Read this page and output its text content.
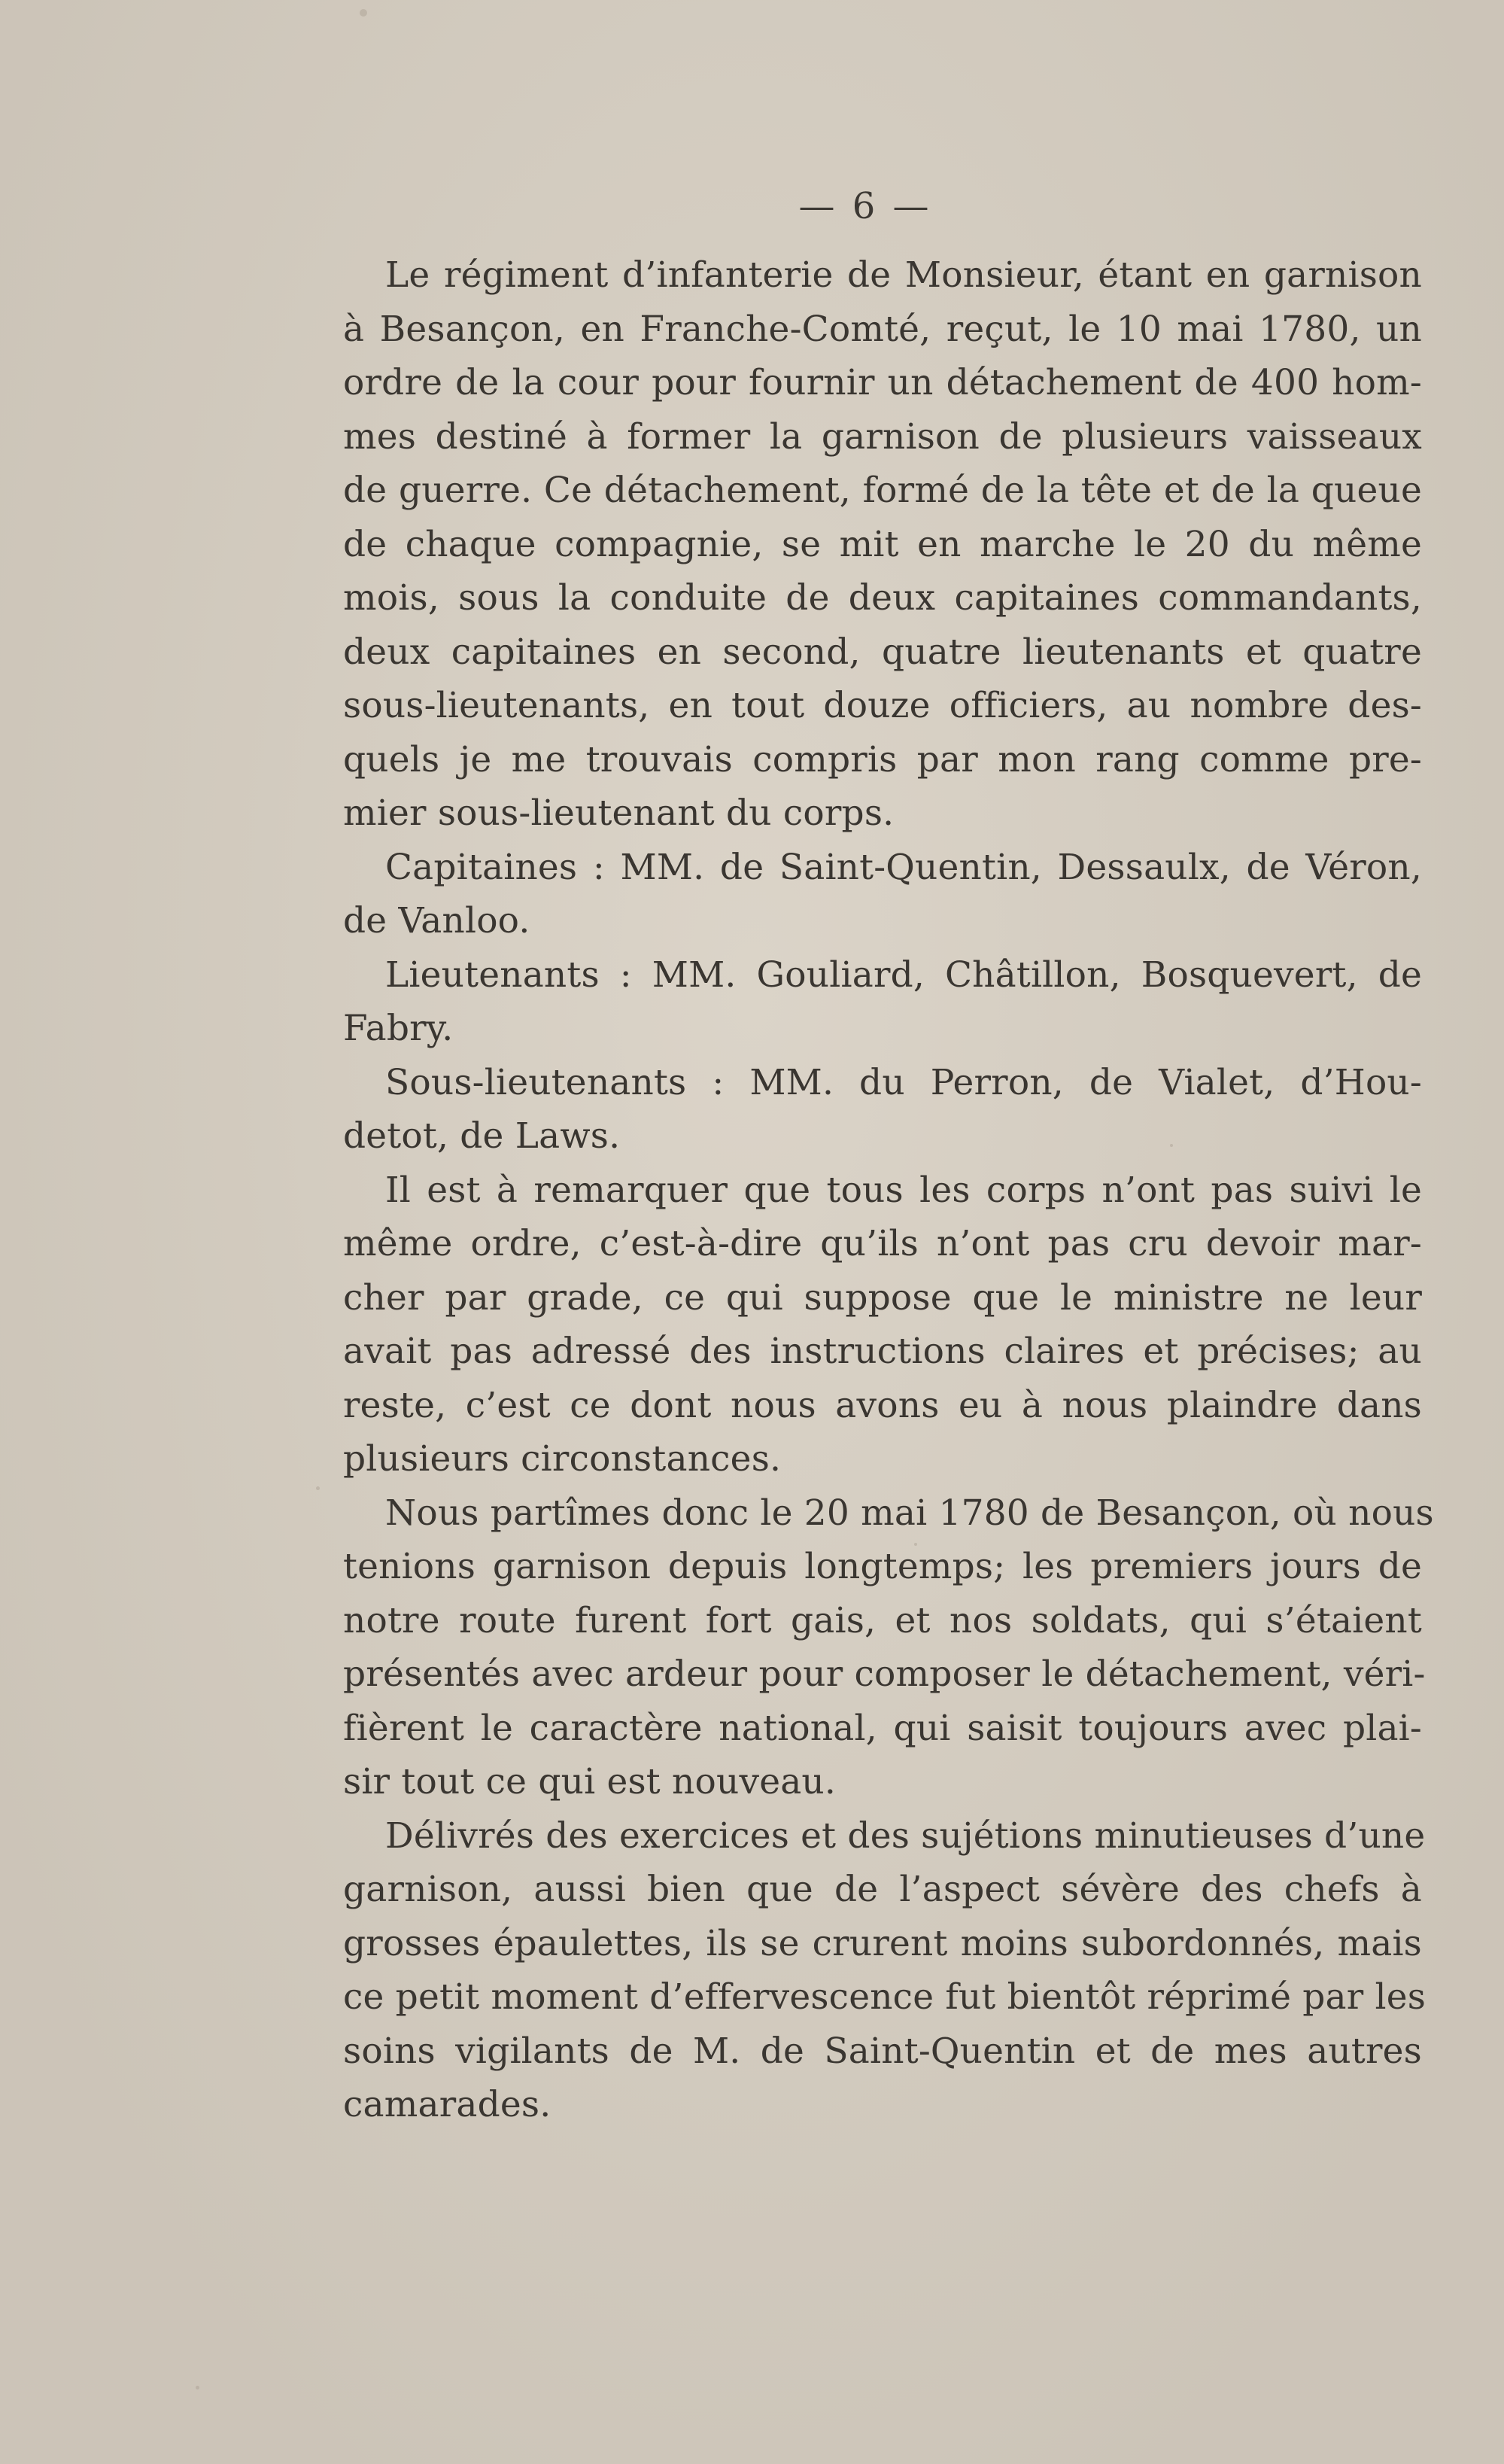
— 6 —
Le régiment d’infanterie de Monsieur, étant en garnison
à Besançon, en Franche-Comté, reçut, le 10 mai 1780, un
ordre de la cour pour fournir un détachement de 400 hom-
mes destiné à former la garnison de plusieurs vaisseaux
de guerre. Ce détachement, formé de la tête et de la queue
de chaque compagnie, se mit en marche le 20 du même
mois, sous la conduite de deux capitaines commandants,
deux capitaines en second, quatre lieutenants et quatre
sous-lieutenants, en tout douze officiers, au nombre des-
quels je me trouvais compris par mon rang comme pre-
mier sous-lieutenant du corps.
Capitaines : MM. de Saint-Quentin, Dessaulx, de Véron,
de Vanloo.
Lieutenants : MM. Gouliard, Châtillon, Bosquevert, de
Fabry.
Sous-lieutenants : MM. du Perron, de Vialet, d’Hou-
detot, de Laws.
Il est à remarquer que tous les corps n’ont pas suivi le
même ordre, c’est-à-dire qu’ils n’ont pas cru devoir mar-
cher par grade, ce qui suppose que le ministre ne leur
avait pas adressé des instructions claires et précises; au
reste, c’est ce dont nous avons eu à nous plaindre dans
plusieurs circonstances.
Nous partîmes donc le 20 mai 1780 de Besançon, où nous
tenions garnison depuis longtemps; les premiers jours de
notre route furent fort gais, et nos soldats, qui s’étaient
présentés avec ardeur pour composer le détachement, véri-
fièrent le caractère national, qui saisit toujours avec plai-
sir tout ce qui est nouveau.
Délivrés des exercices et des sujétions minutieuses d’une
garnison, aussi bien que de l’aspect sévère des chefs à
grosses épaulettes, ils se crurent moins subordonnés, mais
ce petit moment d’effervescence fut bientôt réprimé par les
soins vigilants de M. de Saint-Quentin et de mes autres
camarades.
